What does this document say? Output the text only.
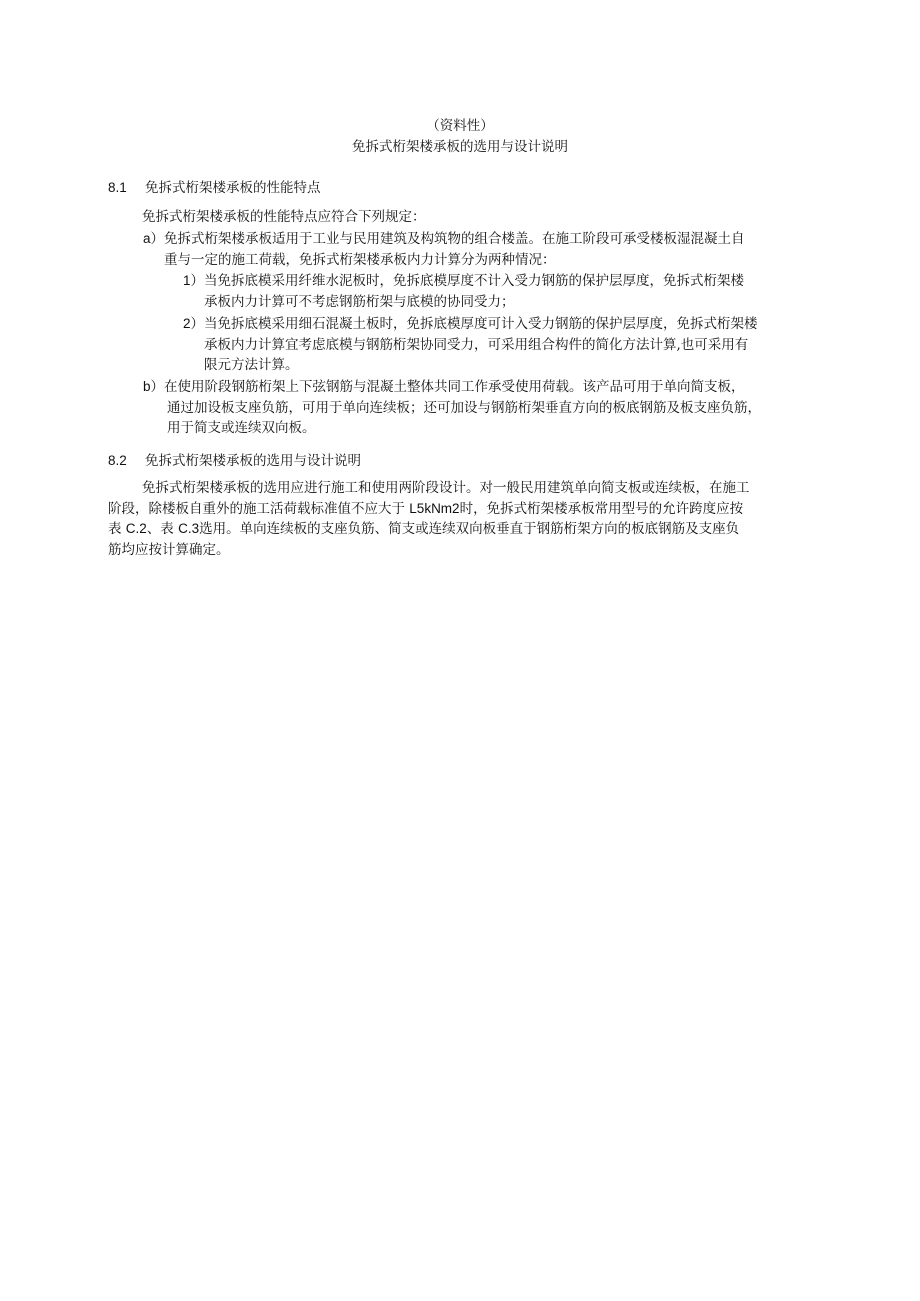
（资料性）
免拆式桁架楼承板的选用与设计说明
8.1 免拆式桁架楼承板的性能特点
免拆式桁架楼承板的性能特点应符合下列规定：
a）免拆式桁架楼承板适用于工业与民用建筑及构筑物的组合楼盖。在施工阶段可承受楼板湿混凝土自
重与一定的施工荷载，免拆式桁架楼承板内力计算分为两种情况：
1）当免拆底模采用纤维水泥板时，免拆底模厚度不计入受力钢筋的保护层厚度，免拆式桁架楼
承板内力计算可不考虑钢筋桁架与底模的协同受力；
2）当免拆底模采用细石混凝土板时，免拆底模厚度可计入受力钢筋的保护层厚度，免拆式桁架楼
承板内力计算宜考虑底模与钢筋桁架协同受力，可采用组合构件的简化方法计算,也可采用有
限元方法计算。
b）在使用阶段钢筋桁架上下弦钢筋与混凝土整体共同工作承受使用荷载。该产品可用于单向简支板，
通过加设板支座负筋，可用于单向连续板；还可加设与钢筋桁架垂直方向的板底钢筋及板支座负筋，
用于简支或连续双向板。
8.2 免拆式桁架楼承板的选用与设计说明
免拆式桁架楼承板的选用应进行施工和使用两阶段设计。对一般民用建筑单向简支板或连续板，在施工
阶段，除楼板自重外的施工活荷载标准值不应大于 L5kNm2时，免拆式桁架楼承板常用型号的允许跨度应按
表 C.2、表 C.3选用。单向连续板的支座负筋、简支或连续双向板垂直于钢筋桁架方向的板底钢筋及支座负
筋均应按计算确定。
